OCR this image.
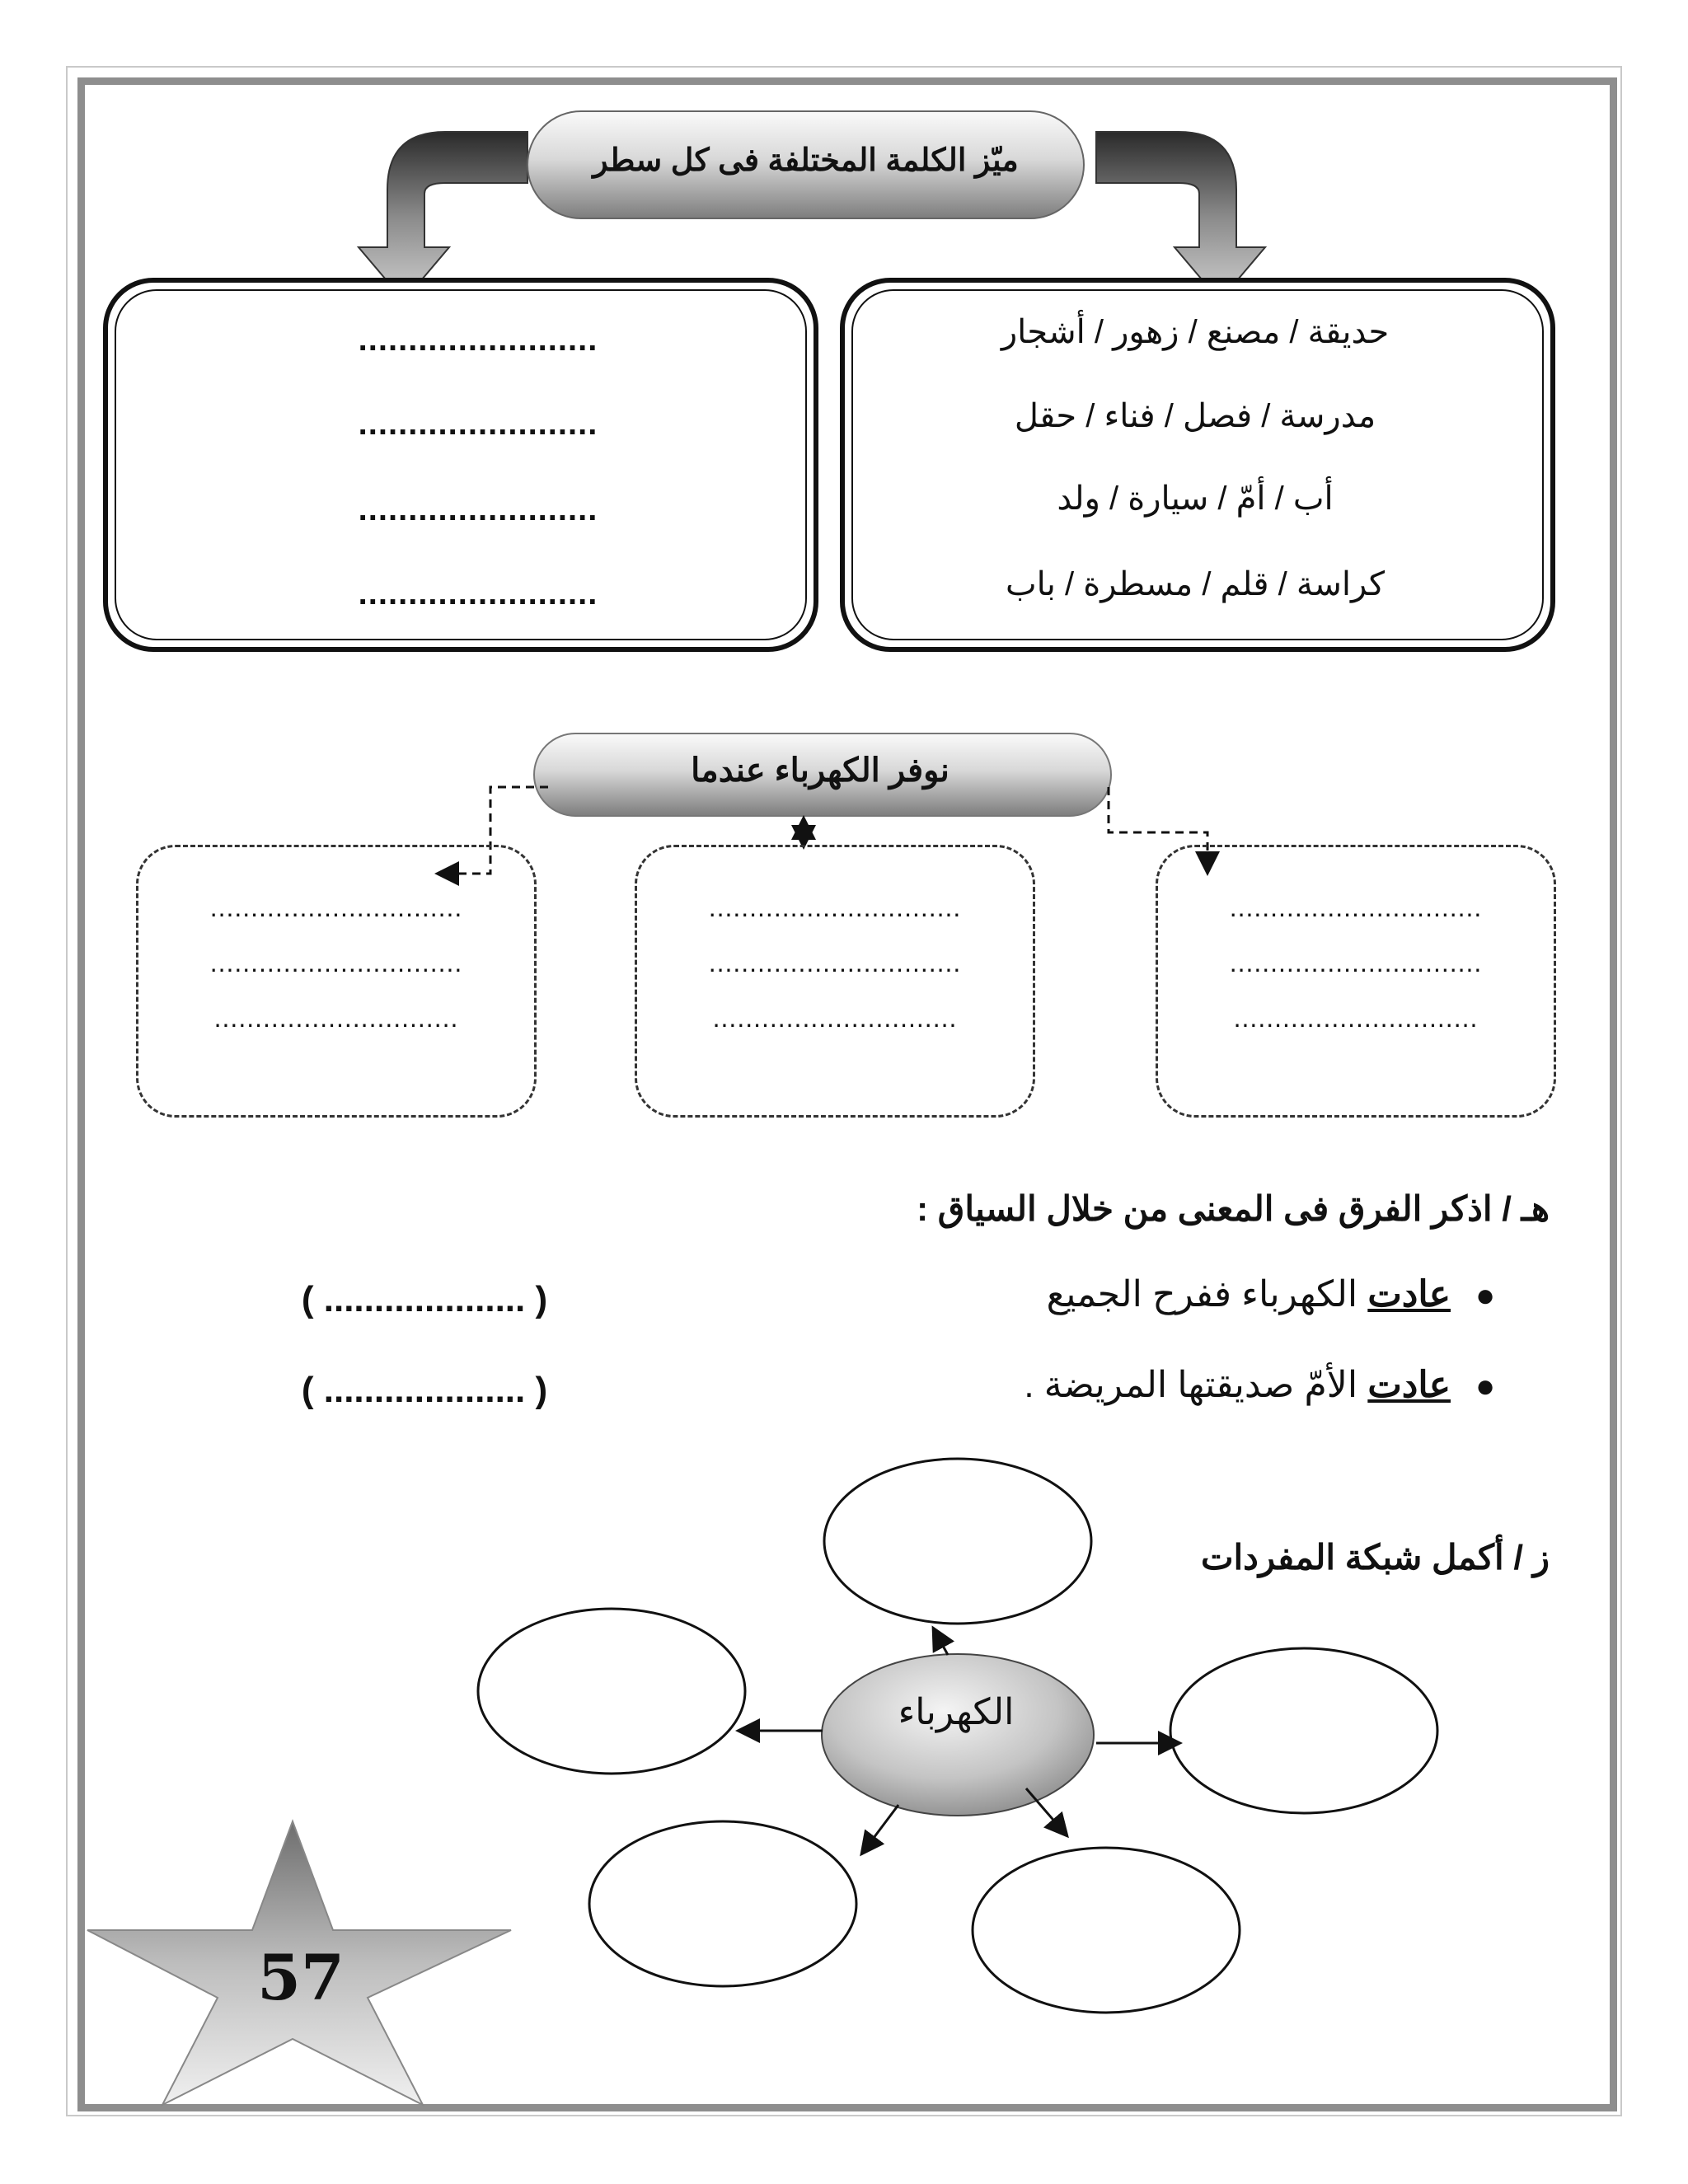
ميّز الكلمة المختلفة فى كل سطر
حديقة / مصنع / زهور / أشجار
مدرسة / فصل / فناء / حقل
أب / أمّ / سيارة / ولد
كراسة / قلم / مسطرة / باب
........................
........................
........................
........................
نوفر الكهرباء عندما
...............................
...............................
..............................
...............................
...............................
..............................
...............................
...............................
..............................
هـ / اذكر الفرق فى المعنى من خلال السياق :
●
عادت الكهرباء ففرح الجميع
( .................... )
●
عادت الأمّ صديقتها المريضة .
( .................... )
ز / أكمل شبكة المفردات
الكهرباء
57
